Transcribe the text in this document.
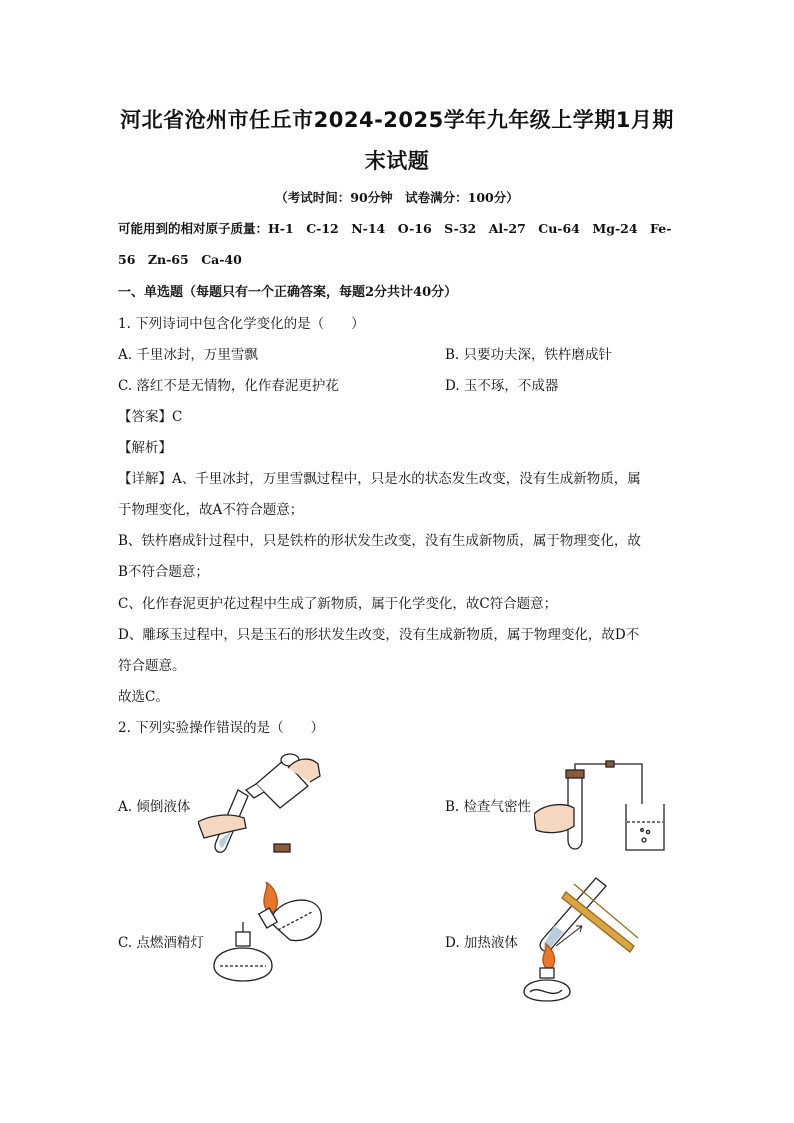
河北省沧州市任丘市2024-2025学年九年级上学期1月期
末试题
（考试时间：90分钟　试卷满分：100分）
可能用到的相对原子质量：H-1　C-12　N-14　O-16　S-32　Al-27　Cu-64　Mg-24　Fe-
56　Zn-65　Ca-40
一、单选题（每题只有一个正确答案，每题2分共计40分）
1. 下列诗词中包含化学变化的是（　　）
A. 千里冰封，万里雪飘	B. 只要功夫深，铁杵磨成针
C. 落红不是无情物，化作春泥更护花	D. 玉不琢，不成器
【答案】C
【解析】
【详解】A、千里冰封，万里雪飘过程中，只是水的状态发生改变，没有生成新物质，属
于物理变化，故A不符合题意；
B、铁杵磨成针过程中，只是铁杵的形状发生改变，没有生成新物质，属于物理变化，故
B不符合题意；
C、化作春泥更护花过程中生成了新物质，属于化学变化，故C符合题意；
D、雕琢玉过程中，只是玉石的形状发生改变，没有生成新物质，属于物理变化，故D不
符合题意。
故选C。
2. 下列实验操作错误的是（　　）
A. 倾倒液体	B. 检查气密性
C. 点燃酒精灯	D. 加热液体
